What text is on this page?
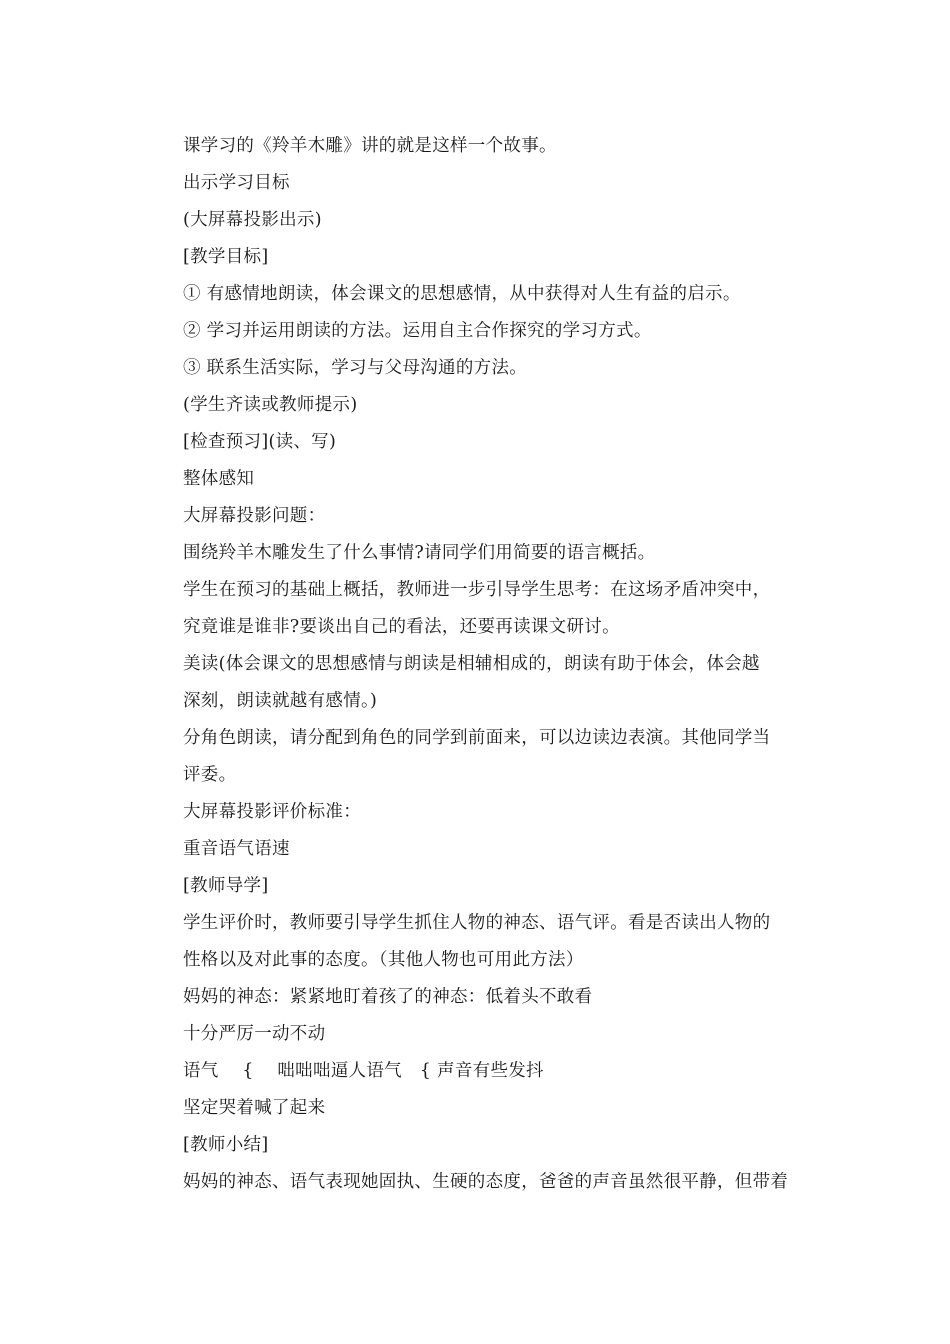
课学习的《羚羊木雕》讲的就是这样一个故事。
出示学习目标
(大屏幕投影出示)
[教学目标]
① 有感情地朗读，体会课文的思想感情，从中获得对人生有益的启示。
② 学习并运用朗读的方法。运用自主合作探究的学习方式。
③ 联系生活实际，学习与父母沟通的方法。
(学生齐读或教师提示)
[检查预习](读、写)
整体感知
大屏幕投影问题：
围绕羚羊木雕发生了什么事情?请同学们用简要的语言概括。
学生在预习的基础上概括，教师进一步引导学生思考：在这场矛盾冲突中，
究竟谁是谁非?要谈出自己的看法，还要再读课文研讨。
美读(体会课文的思想感情与朗读是相辅相成的，朗读有助于体会，体会越
深刻，朗读就越有感情。)
分角色朗读，请分配到角色的同学到前面来，可以边读边表演。其他同学当
评委。
大屏幕投影评价标准：
重音语气语速
[教师导学]
学生评价时，教师要引导学生抓住人物的神态、语气评。看是否读出人物的
性格以及对此事的态度。（其他人物也可用此方法）
妈妈的神态：紧紧地盯着孩了的神态：低着头不敢看
十分严厉一动不动
语气　 {　 咄咄咄逼人语气　{ 声音有些发抖
坚定哭着喊了起来
[教师小结]
妈妈的神态、语气表现她固执、生硬的态度，爸爸的声音虽然很平静，但带着
